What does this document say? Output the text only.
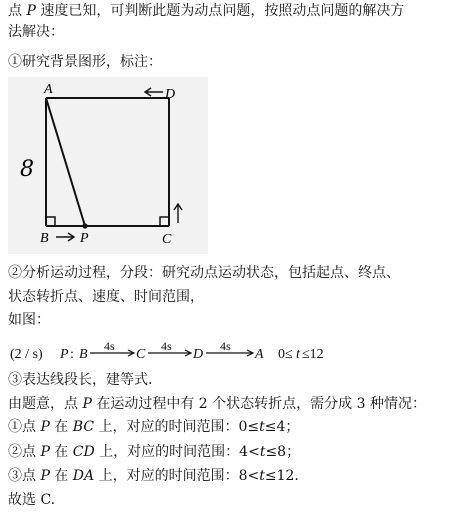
点 P 速度已知，可判断此题为动点问题，按照动点问题的解决方
法解决：
①研究背景图形，标注：
A	D
B P	C
8
②分析运动过程，分段：研究动点运动状态，包括起点、终点、
状态转折点、速度、时间范围，
如图：
(2 / s) P : B	C	D	A 0≤ t ≤12
4s	4s	4s
③表达线段长，建等式.
由题意，点 P 在运动过程中有 2 个状态转折点，需分成 3 种情况：
①点 P 在 BC 上，对应的时间范围：0≤t≤4；
②点 P 在 CD 上，对应的时间范围：4<t≤8；
③点 P 在 DA 上，对应的时间范围：8<t≤12.
故选 C.
